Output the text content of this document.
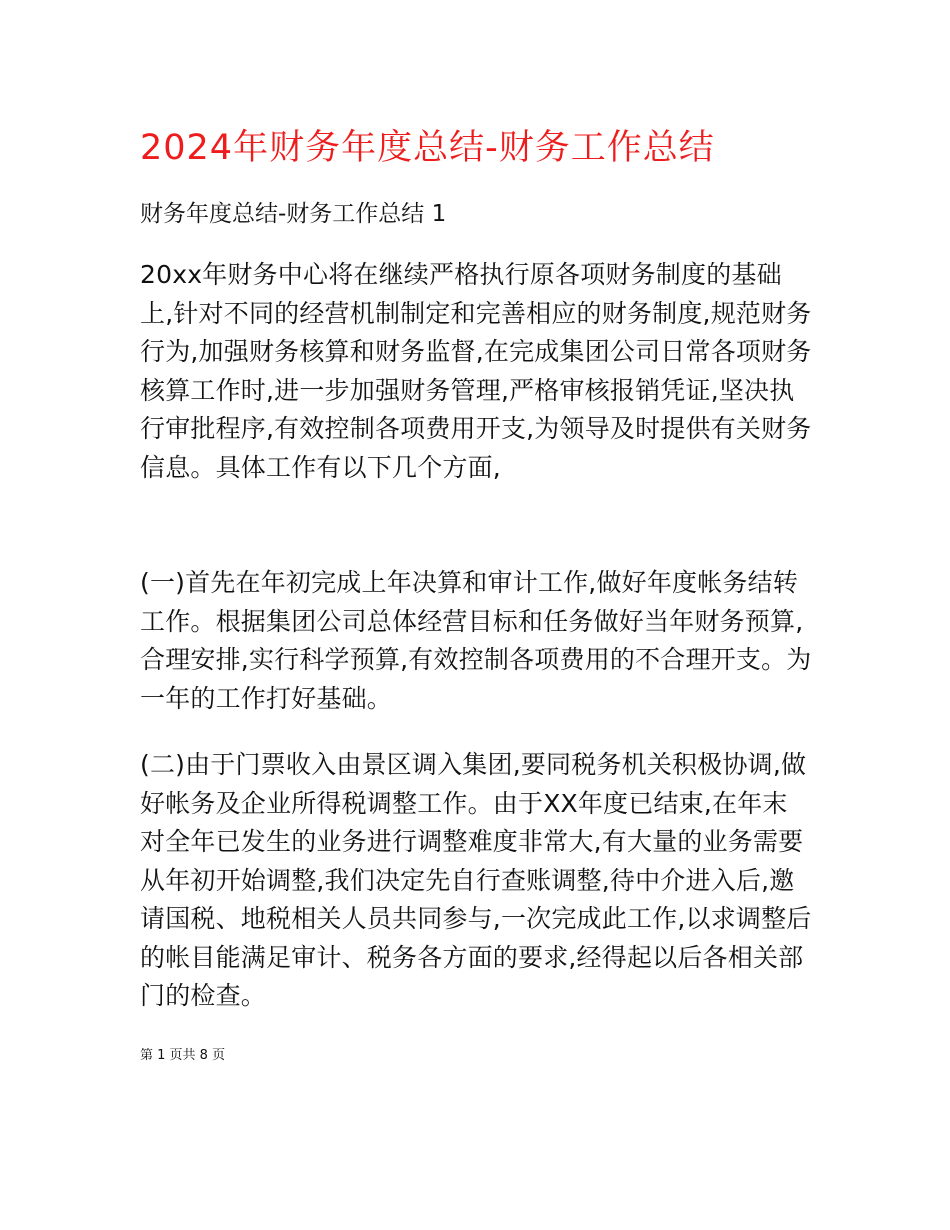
2024年财务年度总结-财务工作总结

财务年度总结-财务工作总结 1

20xx年财务中心将在继续严格执行原各项财务制度的基础上,针对不同的经营机制制定和完善相应的财务制度,规范财务行为,加强财务核算和财务监督,在完成集团公司日常各项财务核算工作时,进一步加强财务管理,严格审核报销凭证,坚决执行审批程序,有效控制各项费用开支,为领导及时提供有关财务信息。具体工作有以下几个方面,

(一)首先在年初完成上年决算和审计工作,做好年度帐务结转工作。根据集团公司总体经营目标和任务做好当年财务预算,合理安排,实行科学预算,有效控制各项费用的不合理开支。为一年的工作打好基础。

(二)由于门票收入由景区调入集团,要同税务机关积极协调,做好帐务及企业所得税调整工作。由于XX年度已结束,在年末对全年已发生的业务进行调整难度非常大,有大量的业务需要从年初开始调整,我们决定先自行查账调整,待中介进入后,邀请国税、地税相关人员共同参与,一次完成此工作,以求调整后的帐目能满足审计、税务各方面的要求,经得起以后各相关部门的检查。

第 1 页共 8 页
